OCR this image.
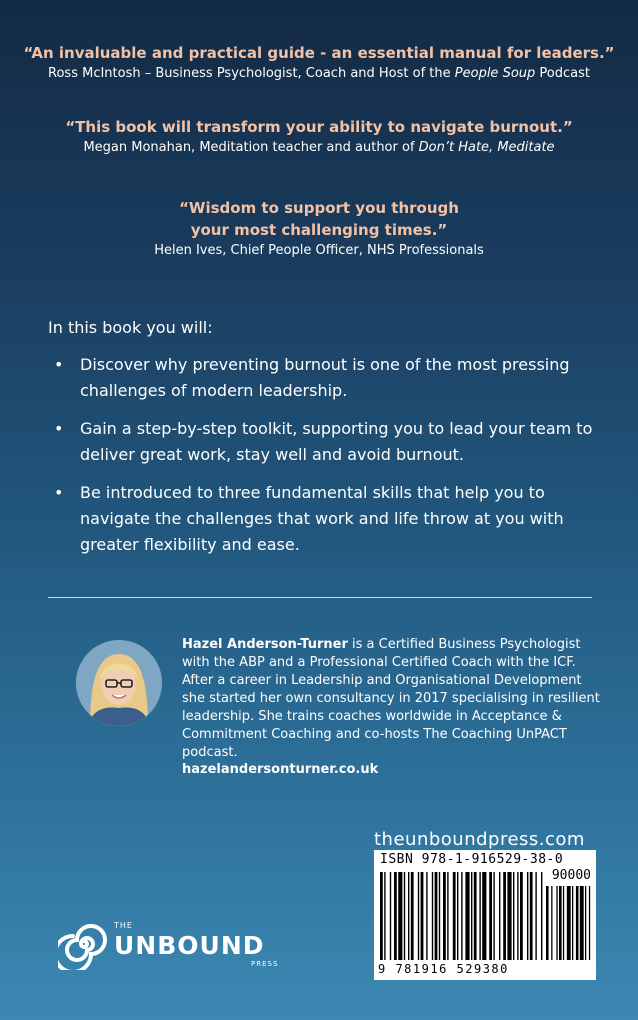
“An invaluable and practical guide - an essential manual for leaders.”
Ross McIntosh – Business Psychologist, Coach and Host of the People Soup Podcast
“This book will transform your ability to navigate burnout.”
Megan Monahan, Meditation teacher and author of Don’t Hate, Meditate
“Wisdom to support you through
your most challenging times.”
Helen Ives, Chief People Officer, NHS Professionals
In this book you will:
• Discover why preventing burnout is one of the most pressing challenges of modern leadership.
• Gain a step-by-step toolkit, supporting you to lead your team to deliver great work, stay well and avoid burnout.
• Be introduced to three fundamental skills that help you to navigate the challenges that work and life throw at you with greater flexibility and ease.
Hazel Anderson-Turner is a Certified Business Psychologist with the ABP and a Professional Certified Coach with the ICF. After a career in Leadership and Organisational Development she started her own consultancy in 2017 specialising in resilient leadership. She trains coaches worldwide in Acceptance & Commitment Coaching and co-hosts The Coaching UnPACT podcast.
hazelandersonturner.co.uk
theunboundpress.com
ISBN 978-1-916529-38-0
90000
9 781916 529380
THE
UNBOUND
PRESS
